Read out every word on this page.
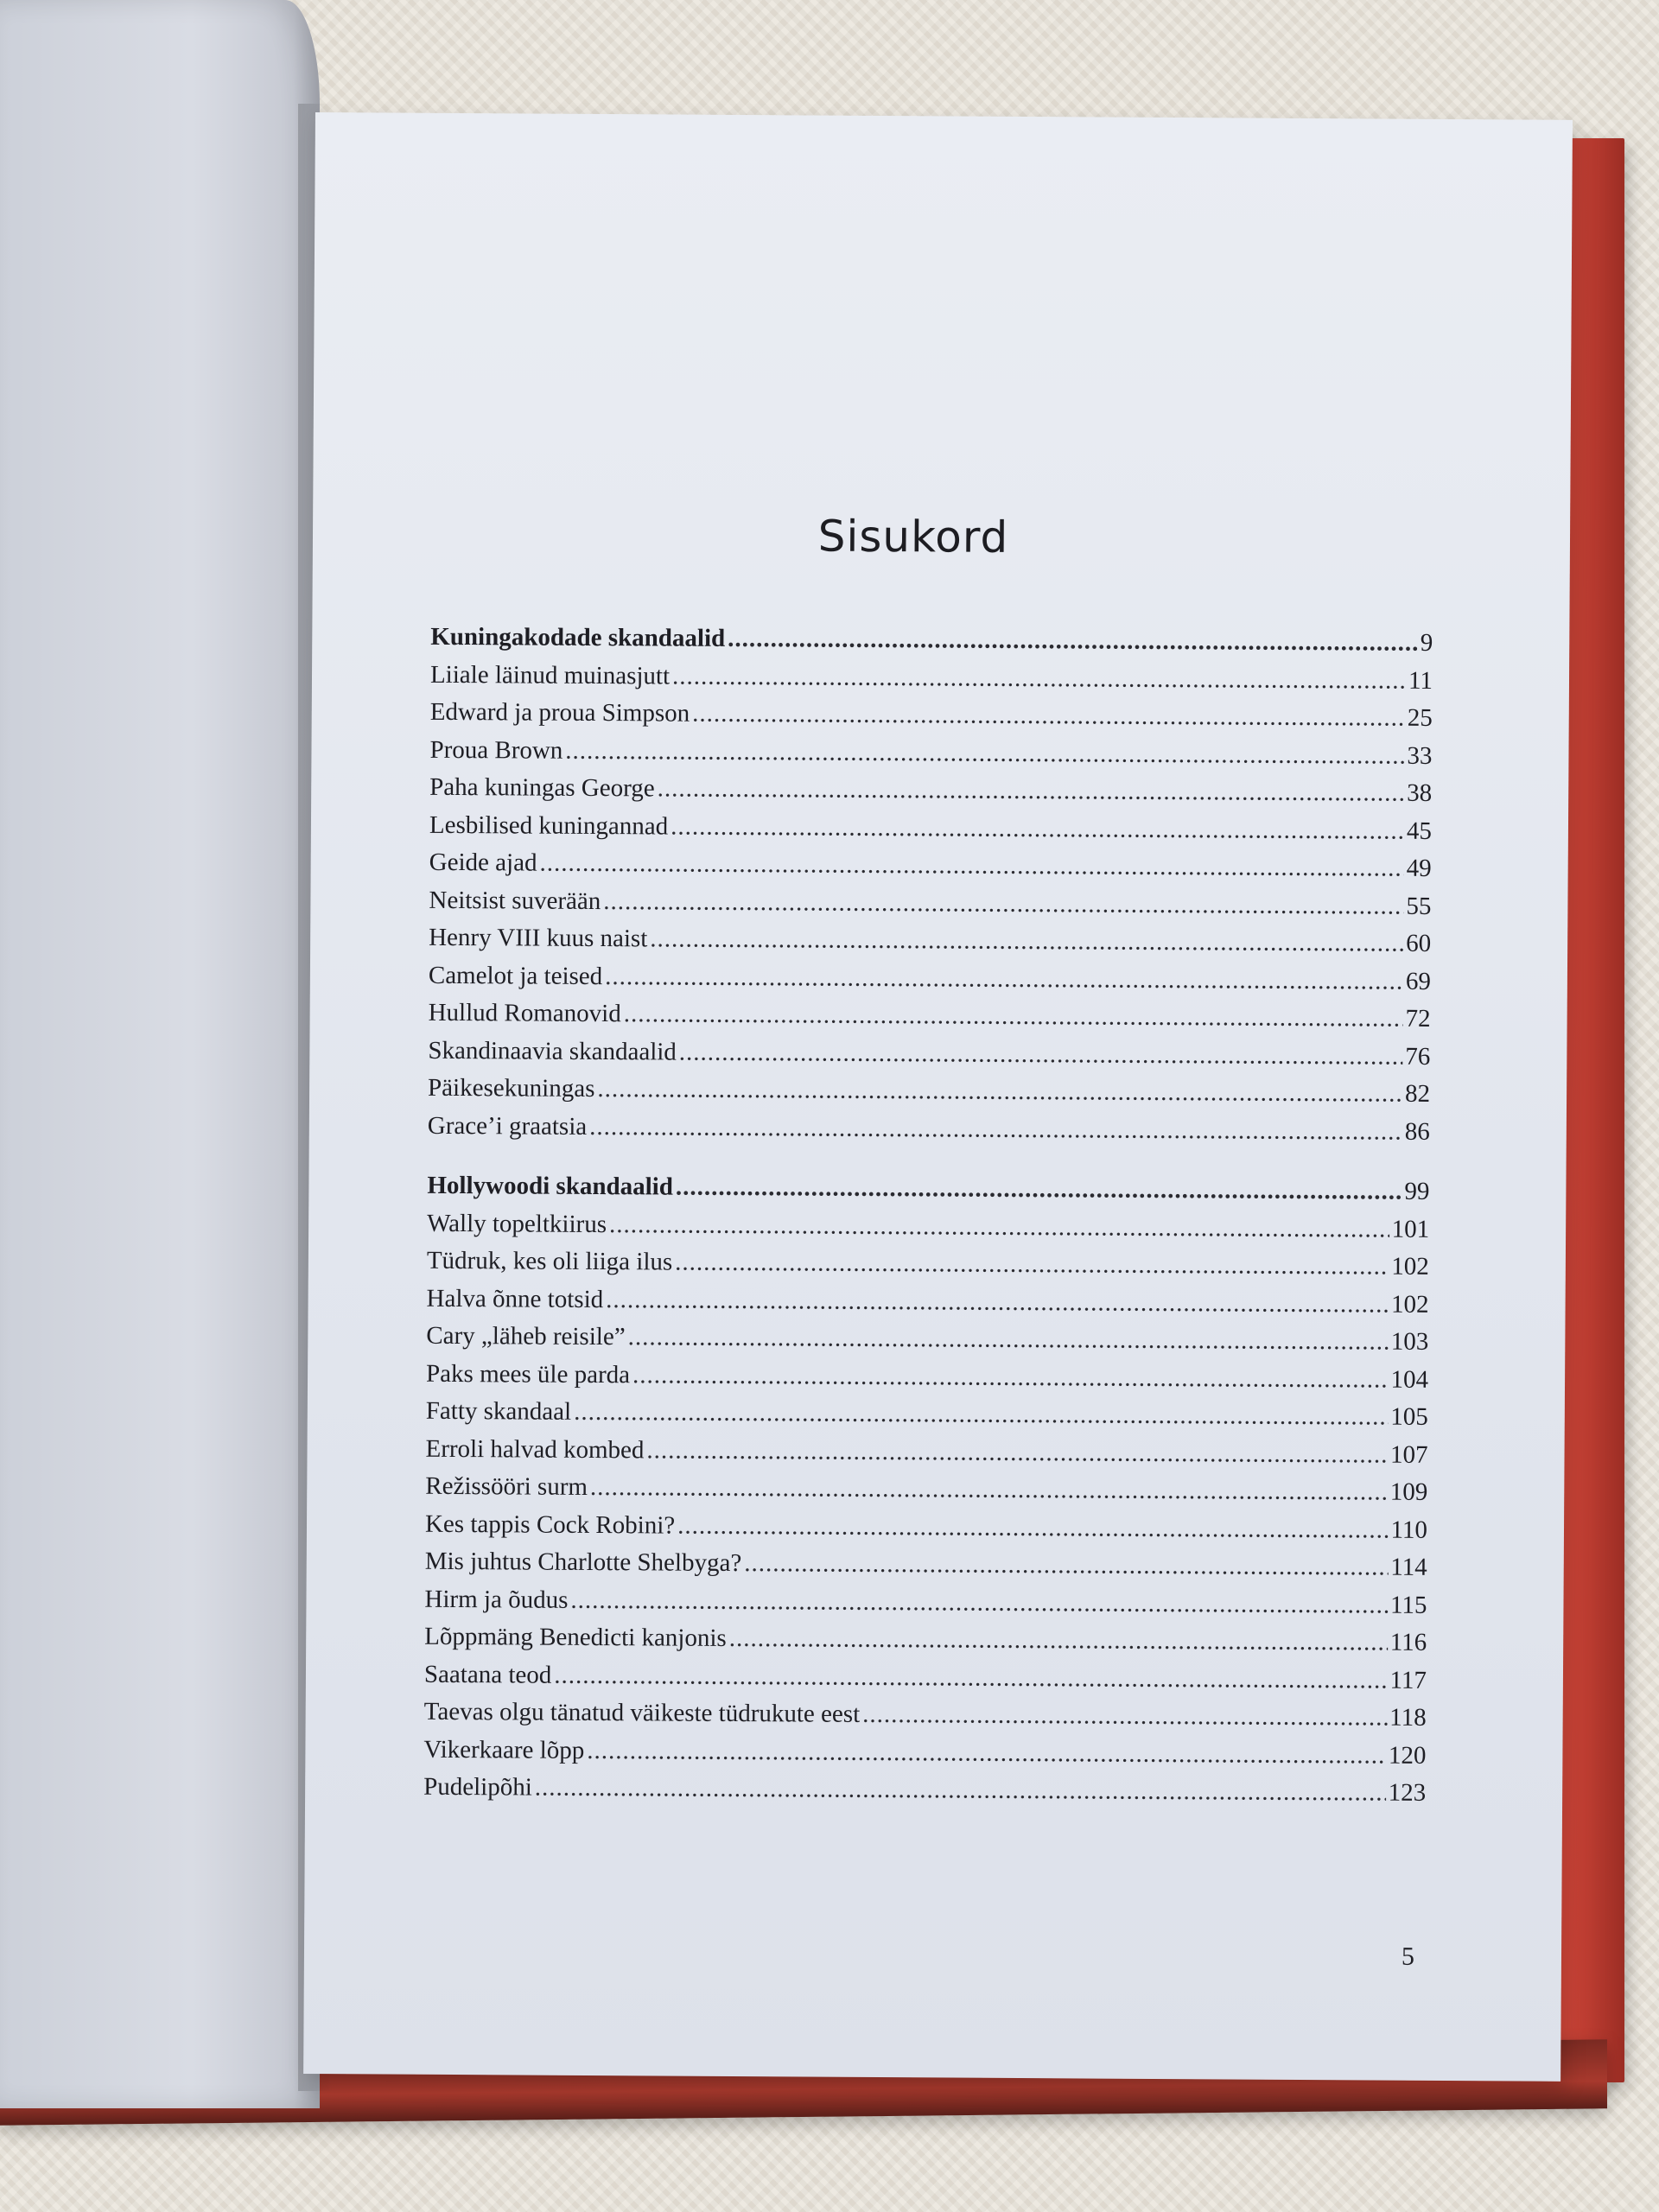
Sisukord
Kuningakodade skandaalid .....	9
Liiale läinud muinasjutt .....	11
Edward ja proua Simpson .....	25
Proua Brown .....	33
Paha kuningas George .....	38
Lesbilised kuningannad .....	45
Geide ajad .....	49
Neitsist suverään .....	55
Henry VIII kuus naist .....	60
Camelot ja teised .....	69
Hullud Romanovid .....	72
Skandinaavia skandaalid .....	76
Päikesekuningas .....	82
Grace’i graatsia .....	86
Hollywoodi skandaalid .....	99
Wally topeltkiirus .....	101
Tüdruk, kes oli liiga ilus .....	102
Halva õnne totsid .....	102
Cary „läheb reisile” .....	103
Paks mees üle parda .....	104
Fatty skandaal .....	105
Erroli halvad kombed .....	107
Režissööri surm .....	109
Kes tappis Cock Robini? .....	110
Mis juhtus Charlotte Shelbyga? .....	114
Hirm ja õudus .....	115
Lõppmäng Benedicti kanjonis .....	116
Saatana teod .....	117
Taevas olgu tänatud väikeste tüdrukute eest .....	118
Vikerkaare lõpp .....	120
Pudelipõhi .....	123
5
